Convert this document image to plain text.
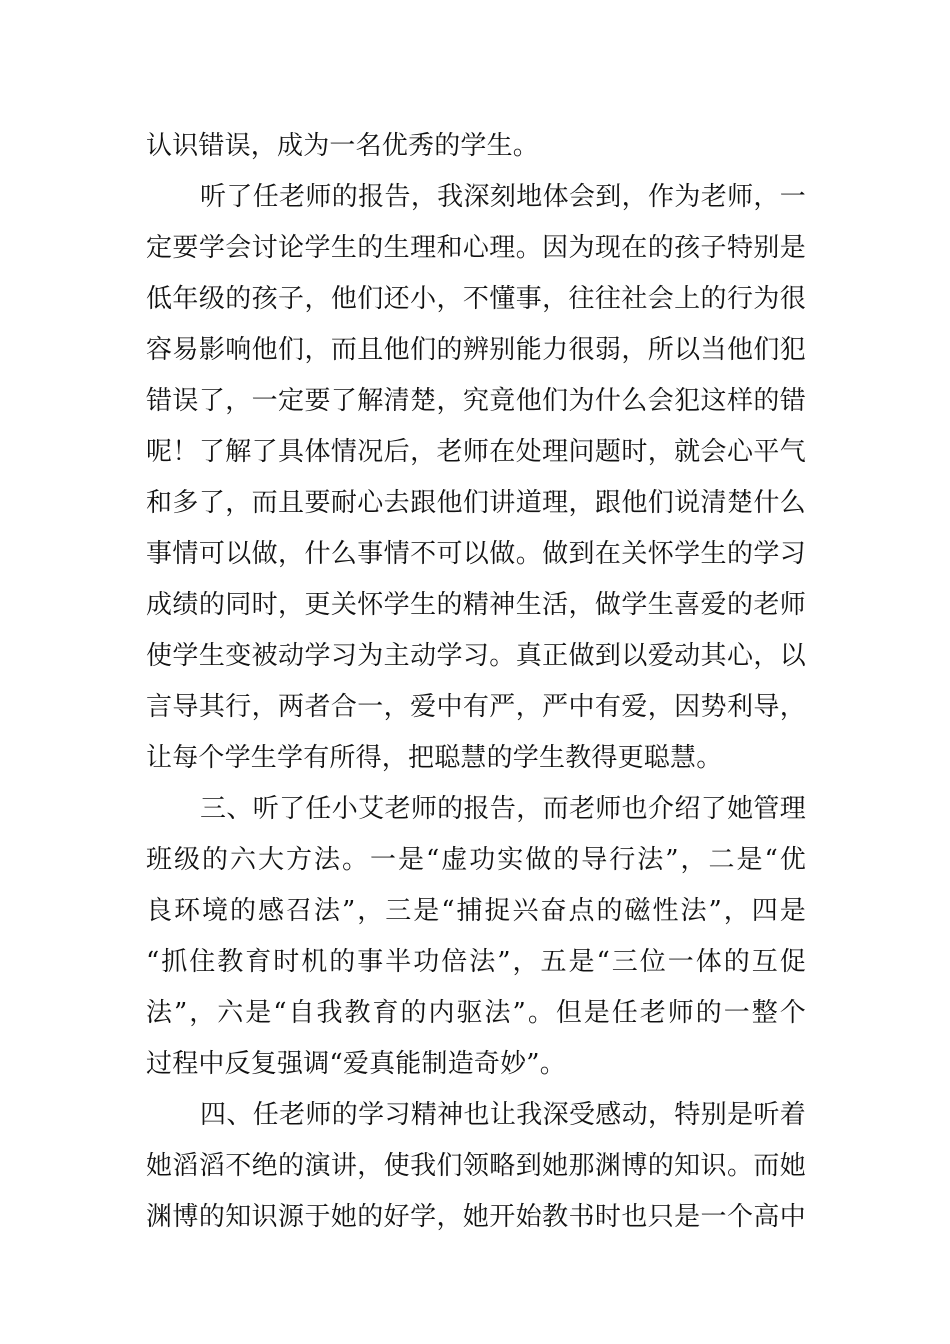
认识错误，成为一名优秀的学生。
听了任老师的报告，我深刻地体会到，作为老师，一
定要学会讨论学生的生理和心理。因为现在的孩子特别是
低年级的孩子，他们还小，不懂事，往往社会上的行为很
容易影响他们，而且他们的辨别能力很弱，所以当他们犯
错误了，一定要了解清楚，究竟他们为什么会犯这样的错
呢！了解了具体情况后，老师在处理问题时，就会心平气
和多了，而且要耐心去跟他们讲道理，跟他们说清楚什么
事情可以做，什么事情不可以做。做到在关怀学生的学习
成绩的同时，更关怀学生的精神生活，做学生喜爱的老师
使学生变被动学习为主动学习。真正做到以爱动其心，以
言导其行，两者合一，爱中有严，严中有爱，因势利导，
让每个学生学有所得，把聪慧的学生教得更聪慧。
三、听了任小艾老师的报告，而老师也介绍了她管理
班级的六大方法。一是“虚功实做的导行法”，二是“优
良环境的感召法”，三是“捕捉兴奋点的磁性法”，四是
“抓住教育时机的事半功倍法”，五是“三位一体的互促
法”，六是“自我教育的内驱法”。但是任老师的一整个
过程中反复强调“爱真能制造奇妙”。
四、任老师的学习精神也让我深受感动，特别是听着
她滔滔不绝的演讲，使我们领略到她那渊博的知识。而她
渊博的知识源于她的好学，她开始教书时也只是一个高中
